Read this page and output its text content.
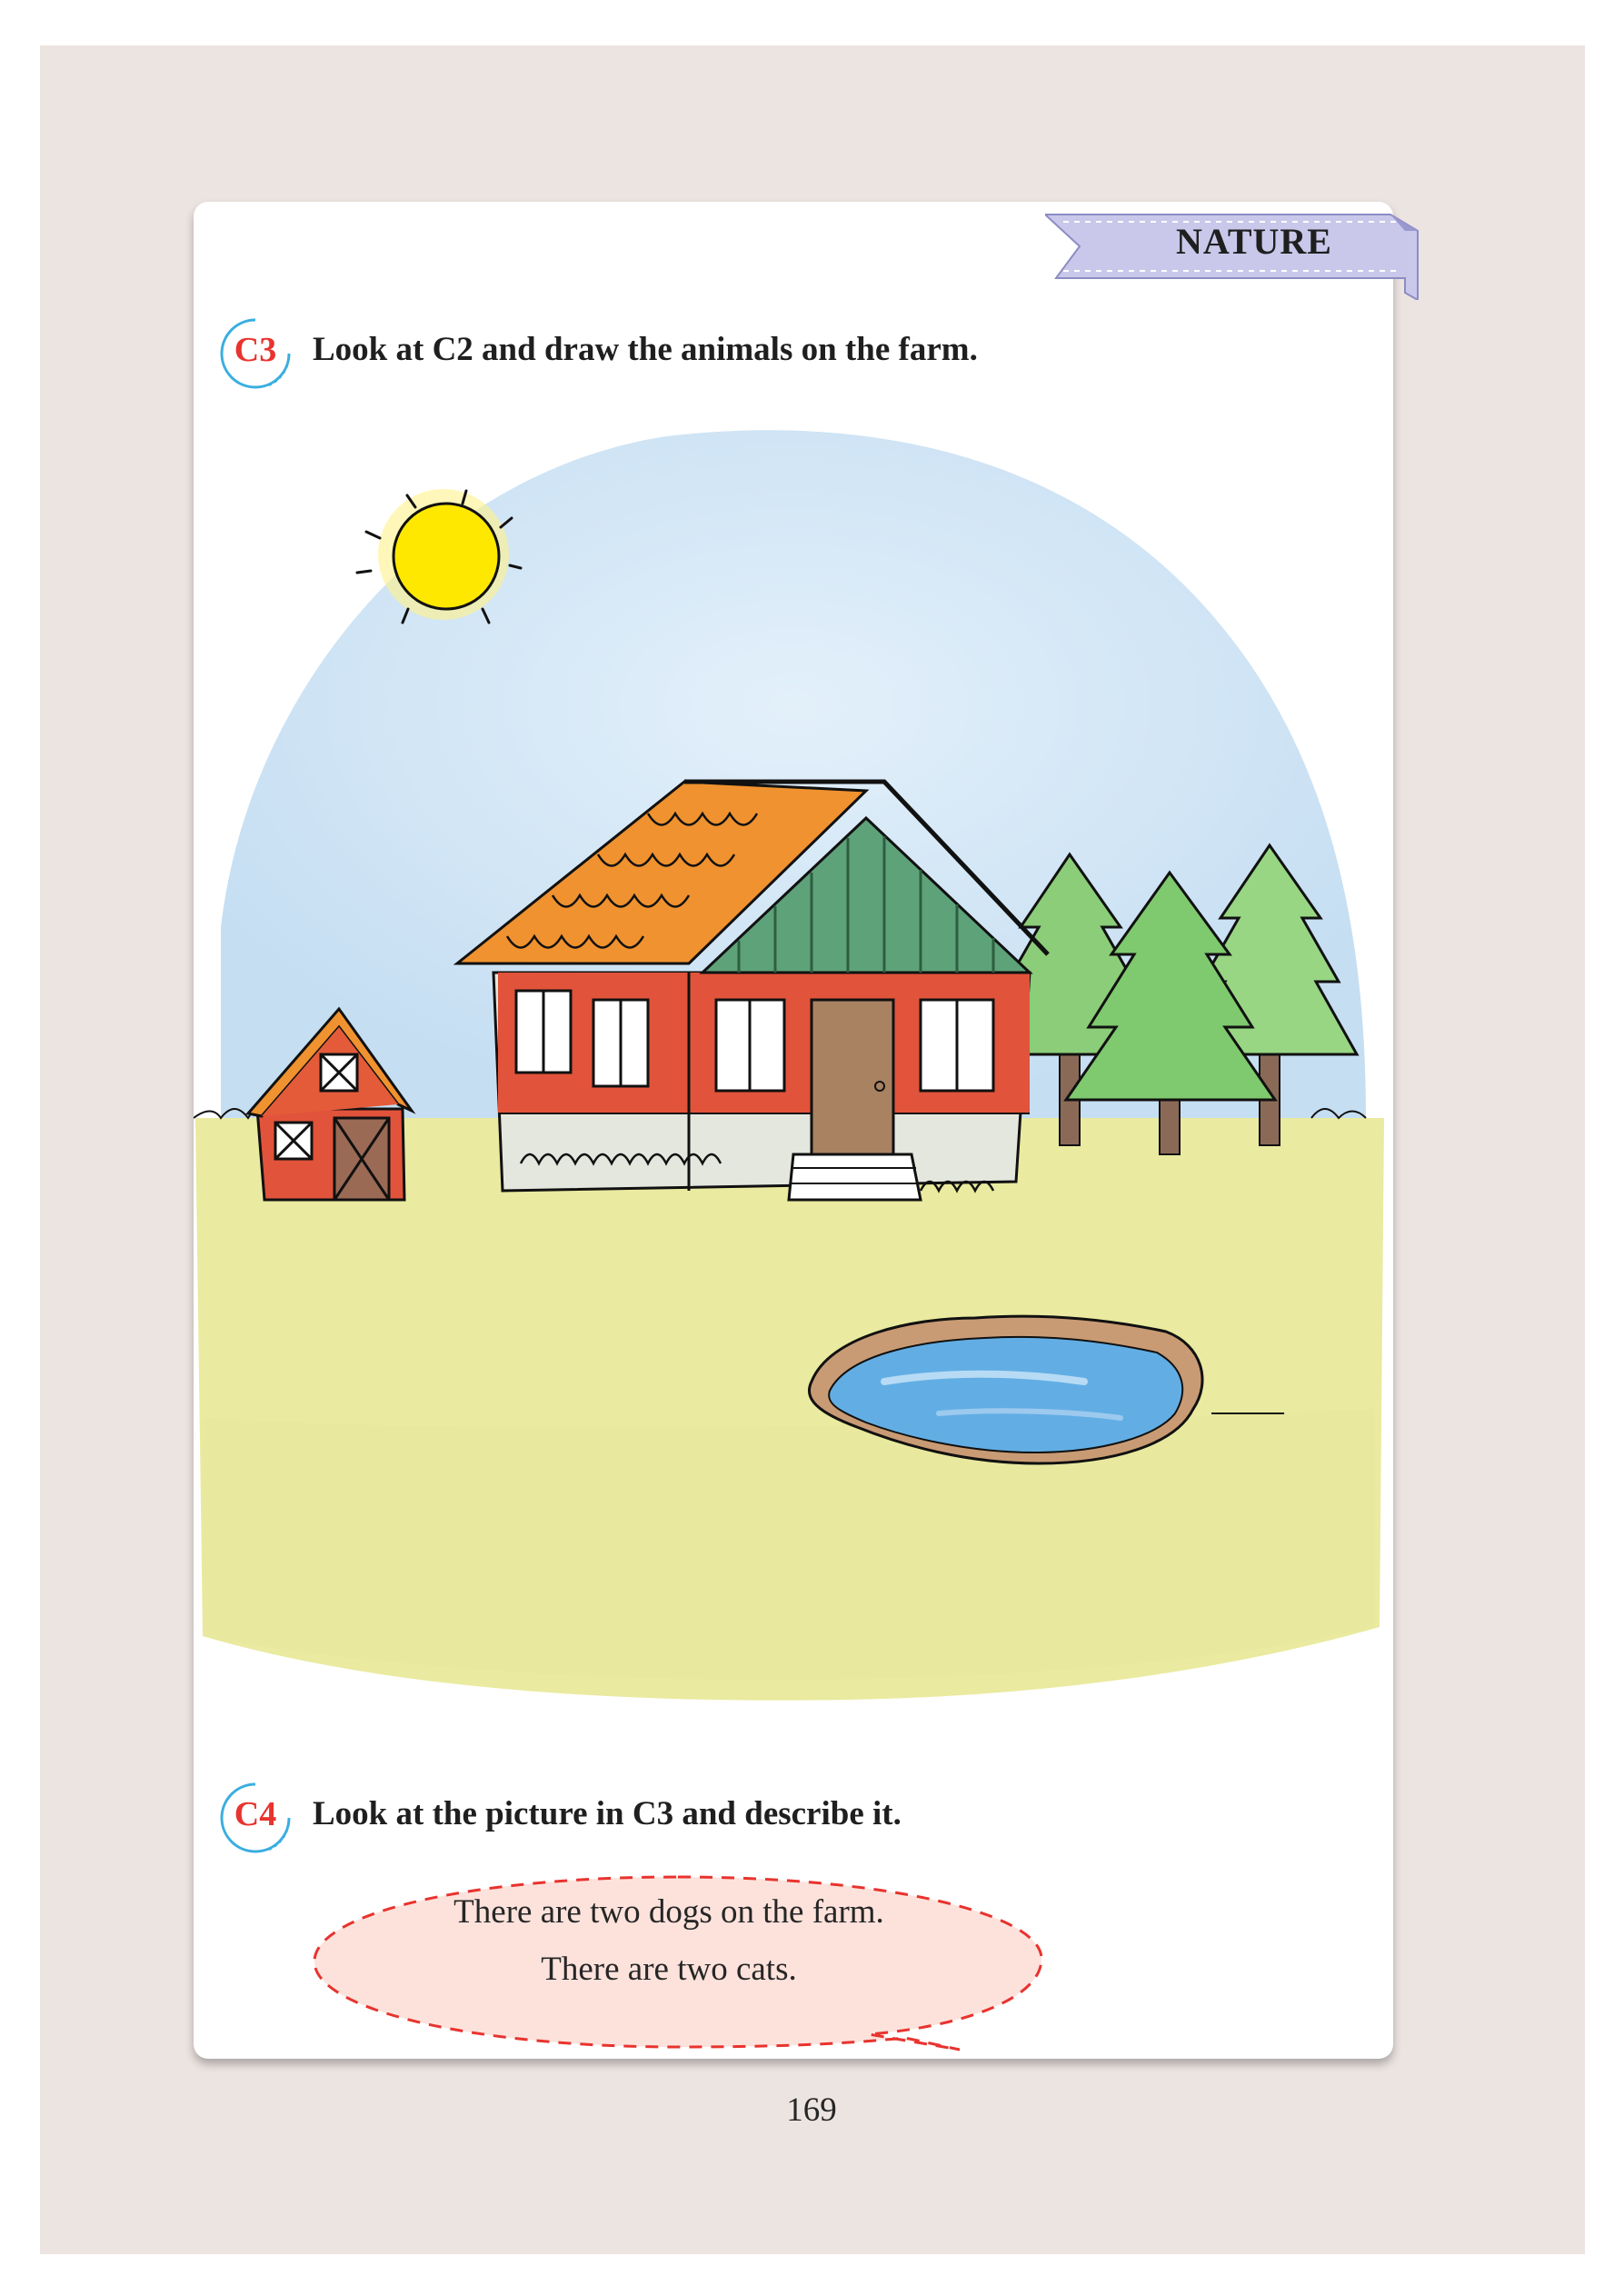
NATURE
C3	Look at C2 and draw the animals on the farm.
C4	Look at the picture in C3 and describe it.
There are two dogs on the farm.
There are two cats.
169
